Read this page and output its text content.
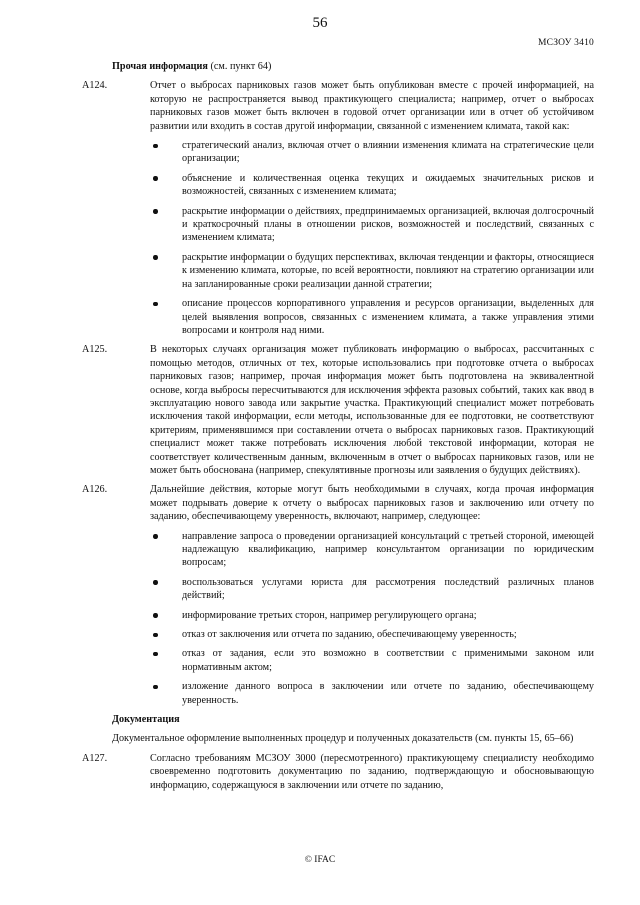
56
МСЗОУ 3410
Прочая информация (см. пункт 64)
A124.	Отчет о выбросах парниковых газов может быть опубликован вместе с прочей информацией, на которую не распространяется вывод практикующего специалиста; например, отчет о выбросах парниковых газов может быть включен в годовой отчет организации или в отчет об устойчивом развитии или входить в состав другой информации, связанной с изменением климата, такой как:
стратегический анализ, включая отчет о влиянии изменения климата на стратегические цели организации;
объяснение и количественная оценка текущих и ожидаемых значительных рисков и возможностей, связанных с изменением климата;
раскрытие информации о действиях, предпринимаемых организацией, включая долгосрочный и краткосрочный планы в отношении рисков, возможностей и последствий, связанных с изменением климата;
раскрытие информации о будущих перспективах, включая тенденции и факторы, относящиеся к изменению климата, которые, по всей вероятности, повлияют на стратегию организации или на запланированные сроки реализации данной стратегии;
описание процессов корпоративного управления и ресурсов организации, выделенных для целей выявления вопросов, связанных с изменением климата, а также управления этими вопросами и контроля над ними.
A125.	В некоторых случаях организация может публиковать информацию о выбросах, рассчитанных с помощью методов, отличных от тех, которые использовались при подготовке отчета о выбросах парниковых газов; например, прочая информация может быть подготовлена на эквивалентной основе, когда выбросы пересчитываются для исключения эффекта разовых событий, таких как ввод в эксплуатацию нового завода или закрытие участка. Практикующий специалист может потребовать исключения такой информации, если методы, использованные для ее подготовки, не соответствуют критериям, применявшимся при составлении отчета о выбросах парниковых газов. Практикующий специалист может также потребовать исключения любой текстовой информации, которая не соответствует количественным данным, включенным в отчет о выбросах парниковых газов, или не может быть обоснована (например, спекулятивные прогнозы или заявления о будущих действиях).
A126.	Дальнейшие действия, которые могут быть необходимыми в случаях, когда прочая информация может подрывать доверие к отчету о выбросах парниковых газов и заключению или отчету по заданию, обеспечивающему уверенность, включают, например, следующее:
направление запроса о проведении организацией консультаций с третьей стороной, имеющей надлежащую квалификацию, например консультантом организации по юридическим вопросам;
воспользоваться услугами юриста для рассмотрения последствий различных планов действий;
информирование третьих сторон, например регулирующего органа;
отказ от заключения или отчета по заданию, обеспечивающему уверенность;
отказ от задания, если это возможно в соответствии с применимыми законом или нормативным актом;
изложение данного вопроса в заключении или отчете по заданию, обеспечивающему уверенность.
Документация
Документальное оформление выполненных процедур и полученных доказательств (см. пункты 15, 65–66)
A127.	Согласно требованиям МСЗОУ 3000 (пересмотренного) практикующему специалисту необходимо своевременно подготовить документацию по заданию, подтверждающую и обосновывающую информацию, содержащуюся в заключении или отчете по заданию,
© IFAC
